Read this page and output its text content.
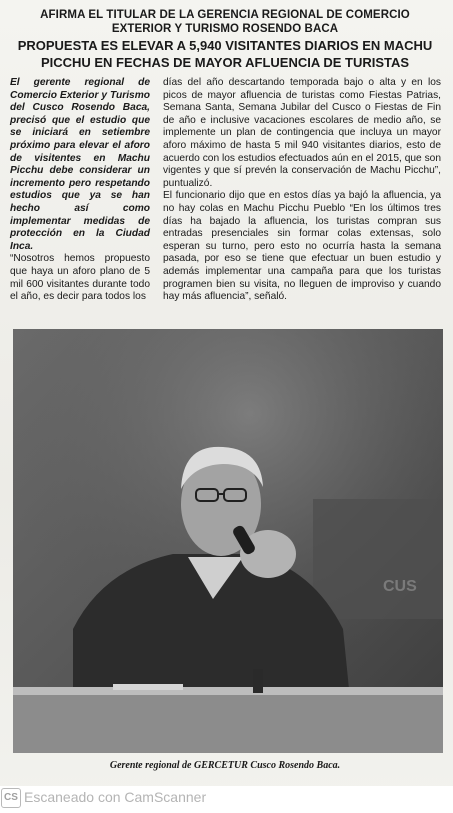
AFIRMA EL TITULAR DE LA GERENCIA REGIONAL DE COMERCIO EXTERIOR Y TURISMO ROSENDO BACA
PROPUESTA ES ELEVAR A 5,940 VISITANTES DIARIOS EN MACHU PICCHU EN FECHAS DE MAYOR AFLUENCIA DE TURISTAS

El gerente regional de Comercio Exterior y Turismo del Cusco Rosendo Baca, precisó que el estudio que se iniciará en setiembre próximo para elevar el aforo de visitentes en Machu Picchu debe considerar un incremento pero respetando estudios que ya se han hecho así como implementar medidas de protección en la Ciudad Inca.

“Nosotros hemos propuesto que haya un aforo plano de 5 mil 600 visitantes durante todo el año, es decir para todos los

días del año descartando temporada bajo o alta y en los picos de mayor afluencia de turistas como Fiestas Patrias, Semana Santa, Semana Jubilar del Cusco o Fiestas de Fin de año e inclusive vacaciones escolares de medio año, se implemente un plan de contingencia que incluya un mayor aforo máximo de hasta 5 mil 940 visitantes diarios, esto de acuerdo con los estudios efectuados aún en el 2015, que son vigentes y que sí prevén la conservación de Machu Picchu”, puntualizó.

El funcionario dijo que en estos días ya bajó la afluencia, ya no hay colas en Machu Picchu Pueblo “En los últimos tres días ha bajado la afluencia, los turistas compran sus entradas presenciales sin formar colas extensas, solo esperan su turno, pero esto no ocurría hasta la semana pasada, por eso se tiene que efectuar un buen estudio y además implementar una campaña para que los turistas programen bien su visita, no lleguen de improviso y cuando hay más afluencia”, señaló.

CUS
Gerente regional de GERCETUR Cusco Rosendo Baca.
CS Escaneado con CamScanner
